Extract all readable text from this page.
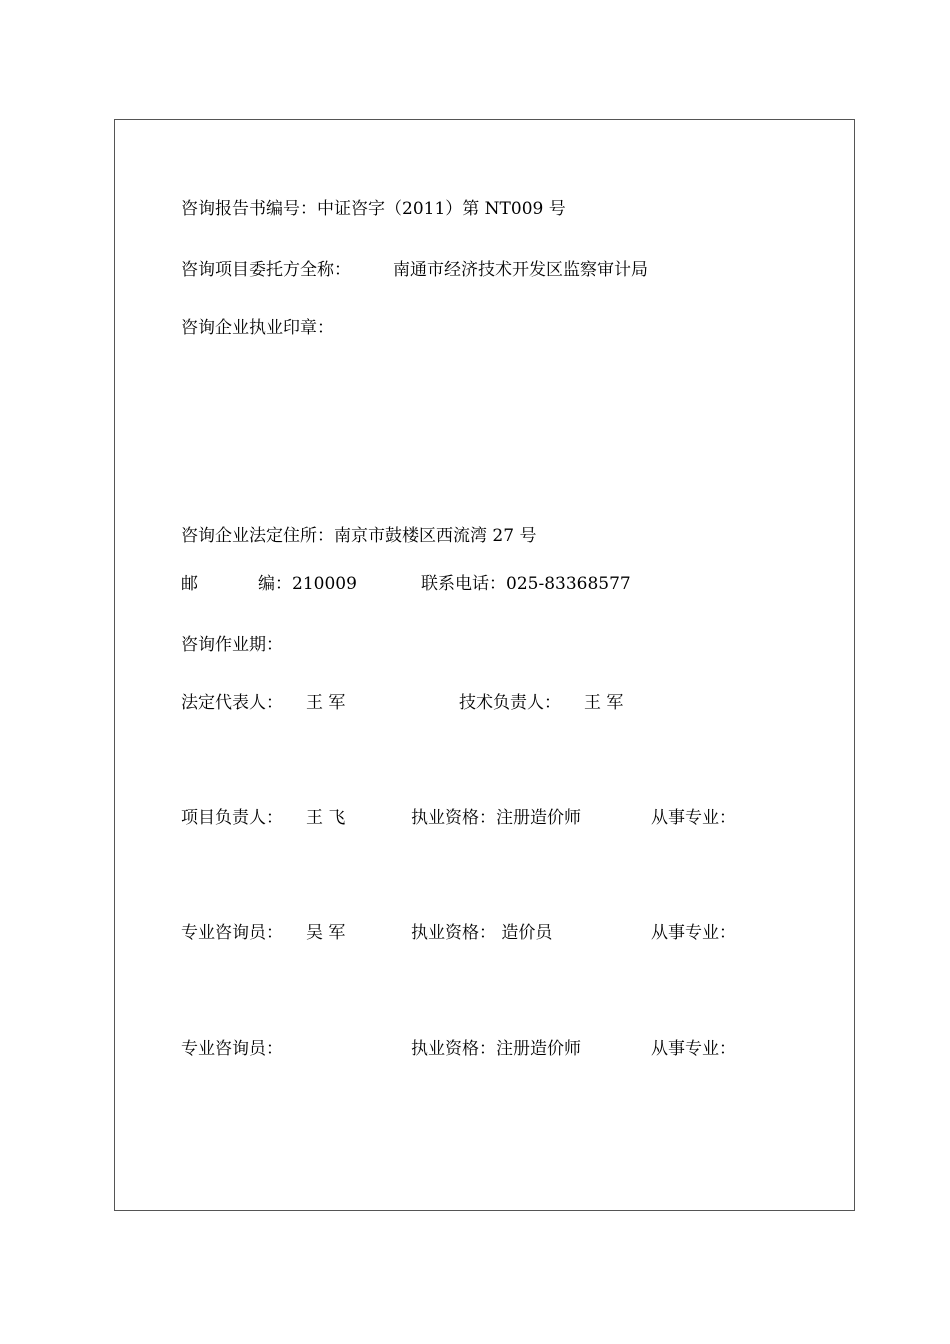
咨询报告书编号：中证咨字（2011）第 NT009 号
咨询项目委托方全称： 南通市经济技术开发区监察审计局
咨询企业执业印章：
咨询企业法定住所：南京市鼓楼区西流湾 27 号
邮	编：210009	联系电话：025-83368577
咨询作业期：
法定代表人： 王 军	技术负责人： 王 军
项目负责人： 王 飞	执业资格：注册造价师	从事专业：
专业咨询员： 吴 军	执业资格： 造价员	从事专业：
专业咨询员：	执业资格：注册造价师	从事专业：
